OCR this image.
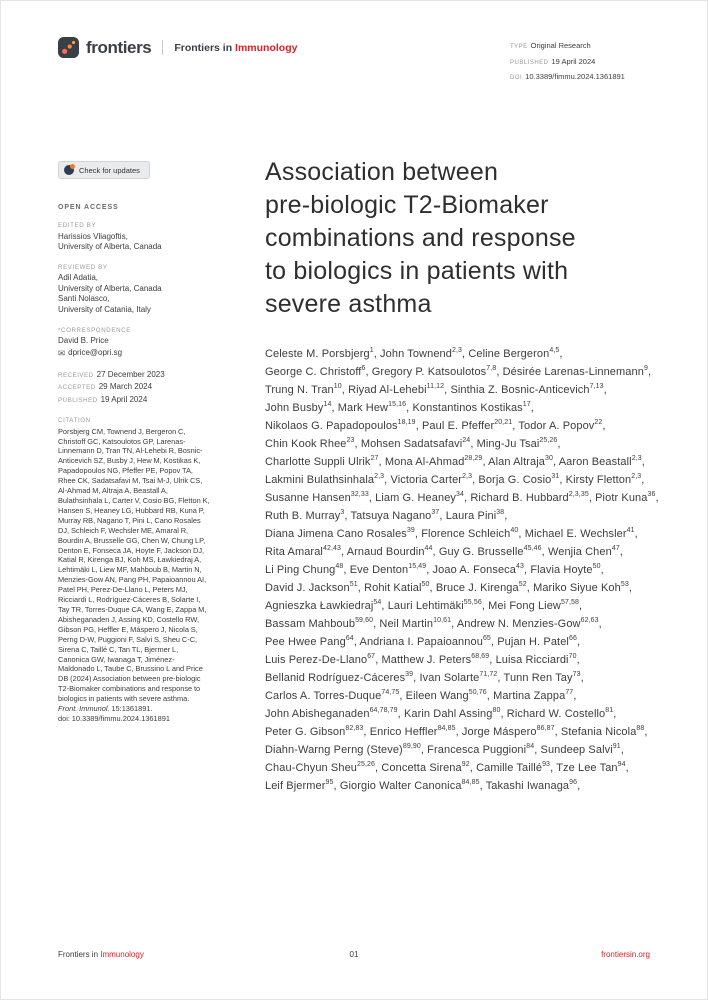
frontiers Frontiers in Immunology	TYPE Original Research
PUBLISHED 19 April 2024
DOI 10.3389/fimmu.2024.1361891
Check for updates
OPEN ACCESS
EDITED BY
Harissios Vliagoftis,
University of Alberta, Canada
REVIEWED BY
Adil Adatia,
University of Alberta, Canada
Santi Nolasco,
University of Catania, Italy
*CORRESPONDENCE
David B. Price
✉ dprice@opri.sg
RECEIVED 27 December 2023
ACCEPTED 29 March 2024
PUBLISHED 19 April 2024
CITATION
Porsbjerg CM, Townend J, Bergeron C, Christoff GC, Katsoulotos GP, Larenas-Linnemann D, Tran TN, Al-Lehebi R, Bosnic-Anticevich SZ, Busby J, Hew M, Kostikas K, Papadopoulos NG, Pfeffer PE, Popov TA, Rhee CK, Sadatsafavi M, Tsai M-J, Ulrik CS, Al-Ahmad M, Altraja A, Beastall A, Bulathsinhala L, Carter V, Cosio BG, Fletton K, Hansen S, Heaney LG, Hubbard RB, Kuna P, Murray RB, Nagano T, Pini L, Cano Rosales DJ, Schleich F, Wechsler ME, Amaral R, Bourdin A, Brusselle GG, Chen W, Chung LP, Denton E, Fonseca JA, Hoyte F, Jackson DJ, Katial R, Kirenga BJ, Koh MS, Ławkiedraj A, Lehtimäki L, Liew MF, Mahboub B, Martin N, Menzies-Gow AN, Pang PH, Papaioannou AI, Patel PH, Perez-De-Llano L, Peters MJ, Ricciardi L, Rodríguez-Cáceres B, Solarte I, Tay TR, Torres-Duque CA, Wang E, Zappa M, Abisheganaden J, Assing KD, Costello RW, Gibson PG, Heffler E, Máspero J, Nicola S, Perng D-W, Puggioni F, Salvi S, Sheu C-C, Sirena C, Taillé C, Tan TL, Bjermer L, Canonica GW, Iwanaga T, Jiménez-Maldonado L, Taube C, Brussino L and Price DB (2024) Association between pre-biologic T2-Biomaker combinations and response to biologics in patients with severe asthma. Front. Immunol. 15:1361891.
doi: 10.3389/fimmu.2024.1361891
Association between
pre-biologic T2-Biomaker
combinations and response
to biologics in patients with
severe asthma
Celeste M. Porsbjerg$^1$, John Townend$^{2,3}$, Celine Bergeron$^{4,5}$, George C. Christoff$^6$, Gregory P. Katsoulotos$^{7,8}$, Désirée Larenas-Linnemann$^9$, Trung N. Tran$^{10}$, Riyad Al-Lehebi$^{11,12}$, Sinthia Z. Bosnic-Anticevich$^{7,13}$, John Busby$^{14}$, Mark Hew$^{15,16}$, Konstantinos Kostikas$^{17}$, Nikolaos G. Papadopoulos$^{18,19}$, Paul E. Pfeffer$^{20,21}$, Todor A. Popov$^{22}$, Chin Kook Rhee$^{23}$, Mohsen Sadatsafavi$^{24}$, Ming-Ju Tsai$^{25,26}$, Charlotte Suppli Ulrik$^{27}$, Mona Al-Ahmad$^{28,29}$, Alan Altraja$^{30}$, Aaron Beastall$^{2,3}$, Lakmini Bulathsinhala$^{2,3}$, Victoria Carter$^{2,3}$, Borja G. Cosio$^{31}$, Kirsty Fletton$^{2,3}$, Susanne Hansen$^{32,33}$, Liam G. Heaney$^{34}$, Richard B. Hubbard$^{2,3,35}$, Piotr Kuna$^{36}$, Ruth B. Murray$^3$, Tatsuya Nagano$^{37}$, Laura Pini$^{38}$, Diana Jimena Cano Rosales$^{39}$, Florence Schleich$^{40}$, Michael E. Wechsler$^{41}$, Rita Amaral$^{42,43}$, Arnaud Bourdin$^{44}$, Guy G. Brusselle$^{45,46}$, Wenjia Chen$^{47}$, Li Ping Chung$^{48}$, Eve Denton$^{15,49}$, Joao A. Fonseca$^{43}$, Flavia Hoyte$^{50}$, David J. Jackson$^{51}$, Rohit Katial$^{50}$, Bruce J. Kirenga$^{52}$, Mariko Siyue Koh$^{53}$, Agnieszka Ławkiedraj$^{54}$, Lauri Lehtimäki$^{55,56}$, Mei Fong Liew$^{57,58}$, Bassam Mahboub$^{59,60}$, Neil Martin$^{10,61}$, Andrew N. Menzies-Gow$^{62,63}$, Pee Hwee Pang$^{64}$, Andriana I. Papaioannou$^{65}$, Pujan H. Patel$^{66}$, Luis Perez-De-Llano$^{67}$, Matthew J. Peters$^{68,69}$, Luisa Ricciardi$^{70}$, Bellanid Rodríguez-Cáceres$^{39}$, Ivan Solarte$^{71,72}$, Tunn Ren Tay$^{73}$, Carlos A. Torres-Duque$^{74,75}$, Eileen Wang$^{50,76}$, Martina Zappa$^{77}$, John Abisheganaden$^{64,78,79}$, Karin Dahl Assing$^{80}$, Richard W. Costello$^{81}$, Peter G. Gibson$^{82,83}$, Enrico Heffler$^{84,85}$, Jorge Máspero$^{86,87}$, Stefania Nicola$^{88}$, Diahn-Warng Perng (Steve)$^{89,90}$, Francesca Puggioni$^{84}$, Sundeep Salvi$^{91}$, Chau-Chyun Sheu$^{25,26}$, Concetta Sirena$^{92}$, Camille Taillé$^{93}$, Tze Lee Tan$^{94}$, Leif Bjermer$^{95}$, Giorgio Walter Canonica$^{84,85}$, Takashi Iwanaga$^{96}$,
Frontiers in Immunology	01	frontiersin.org
